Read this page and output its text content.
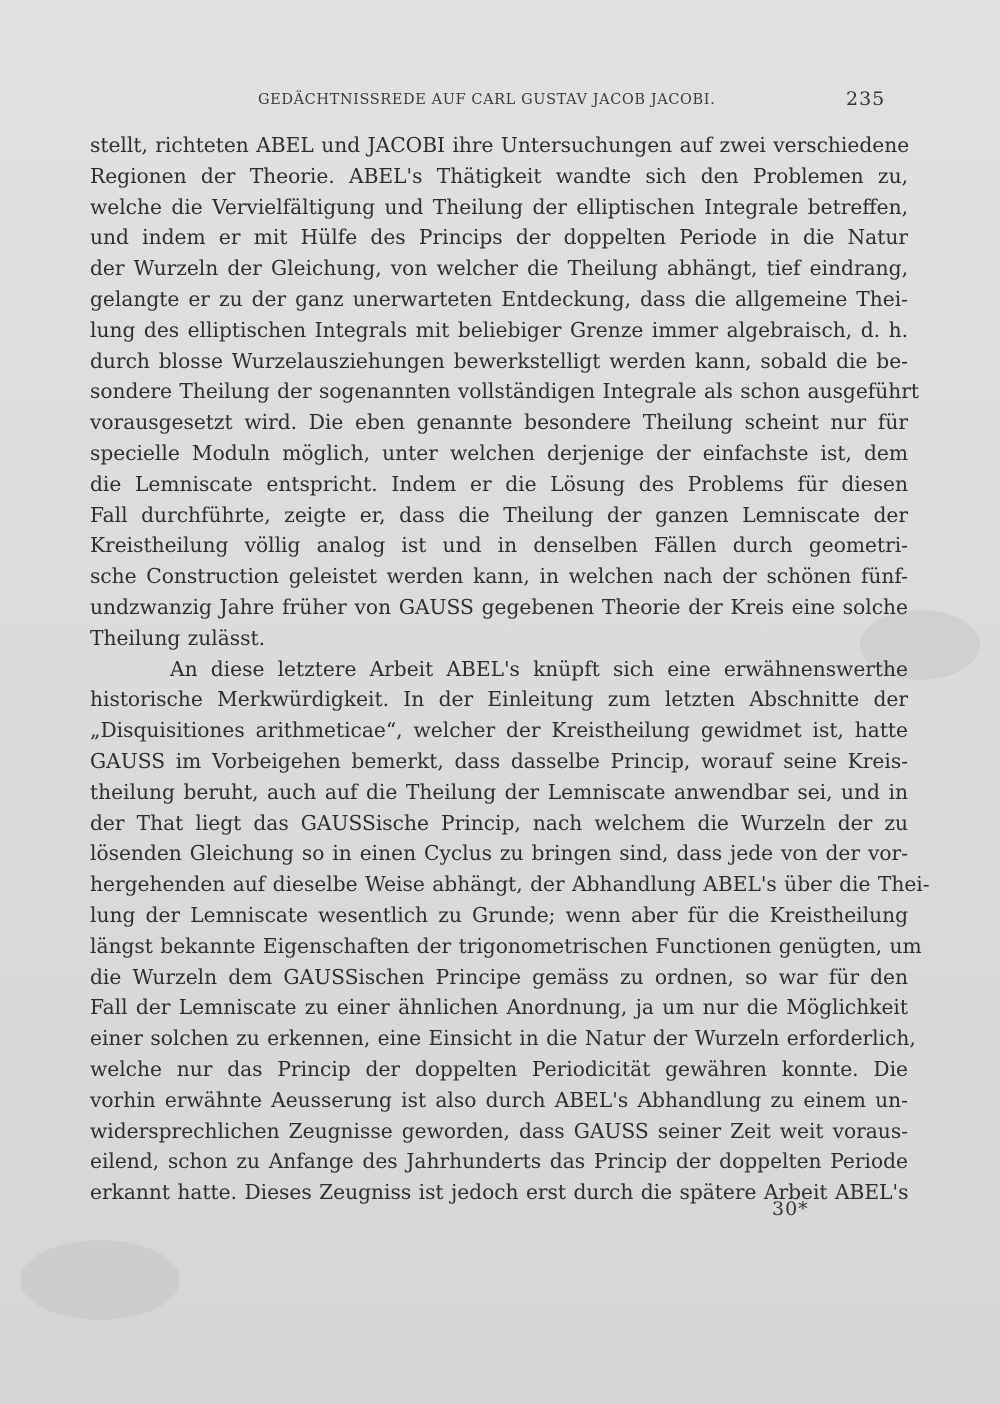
GEDÄCHTNISSREDE AUF CARL GUSTAV JACOB JACOBI.	235
stellt, richteten ABEL und JACOBI ihre Untersuchungen auf zwei verschiedene
Regionen der Theorie. ABEL's Thätigkeit wandte sich den Problemen zu,
welche die Vervielfältigung und Theilung der elliptischen Integrale betreffen,
und indem er mit Hülfe des Princips der doppelten Periode in die Natur
der Wurzeln der Gleichung, von welcher die Theilung abhängt, tief eindrang,
gelangte er zu der ganz unerwarteten Entdeckung, dass die allgemeine Thei-
lung des elliptischen Integrals mit beliebiger Grenze immer algebraisch, d. h.
durch blosse Wurzelausziehungen bewerkstelligt werden kann, sobald die be-
sondere Theilung der sogenannten vollständigen Integrale als schon ausgeführt
vorausgesetzt wird. Die eben genannte besondere Theilung scheint nur für
specielle Moduln möglich, unter welchen derjenige der einfachste ist, dem
die Lemniscate entspricht. Indem er die Lösung des Problems für diesen
Fall durchführte, zeigte er, dass die Theilung der ganzen Lemniscate der
Kreistheilung völlig analog ist und in denselben Fällen durch geometri-
sche Construction geleistet werden kann, in welchen nach der schönen fünf-
undzwanzig Jahre früher von GAUSS gegebenen Theorie der Kreis eine solche
Theilung zulässt.
An diese letztere Arbeit ABEL's knüpft sich eine erwähnenswerthe
historische Merkwürdigkeit. In der Einleitung zum letzten Abschnitte der
„Disquisitiones arithmeticae“, welcher der Kreistheilung gewidmet ist, hatte
GAUSS im Vorbeigehen bemerkt, dass dasselbe Princip, worauf seine Kreis-
theilung beruht, auch auf die Theilung der Lemniscate anwendbar sei, und in
der That liegt das GAUSSische Princip, nach welchem die Wurzeln der zu
lösenden Gleichung so in einen Cyclus zu bringen sind, dass jede von der vor-
hergehenden auf dieselbe Weise abhängt, der Abhandlung ABEL's über die Thei-
lung der Lemniscate wesentlich zu Grunde; wenn aber für die Kreistheilung
längst bekannte Eigenschaften der trigonometrischen Functionen genügten, um
die Wurzeln dem GAUSSischen Principe gemäss zu ordnen, so war für den
Fall der Lemniscate zu einer ähnlichen Anordnung, ja um nur die Möglichkeit
einer solchen zu erkennen, eine Einsicht in die Natur der Wurzeln erforderlich,
welche nur das Princip der doppelten Periodicität gewähren konnte. Die
vorhin erwähnte Aeusserung ist also durch ABEL's Abhandlung zu einem un-
widersprechlichen Zeugnisse geworden, dass GAUSS seiner Zeit weit voraus-
eilend, schon zu Anfange des Jahrhunderts das Princip der doppelten Periode
erkannt hatte. Dieses Zeugniss ist jedoch erst durch die spätere Arbeit ABEL's
30*
